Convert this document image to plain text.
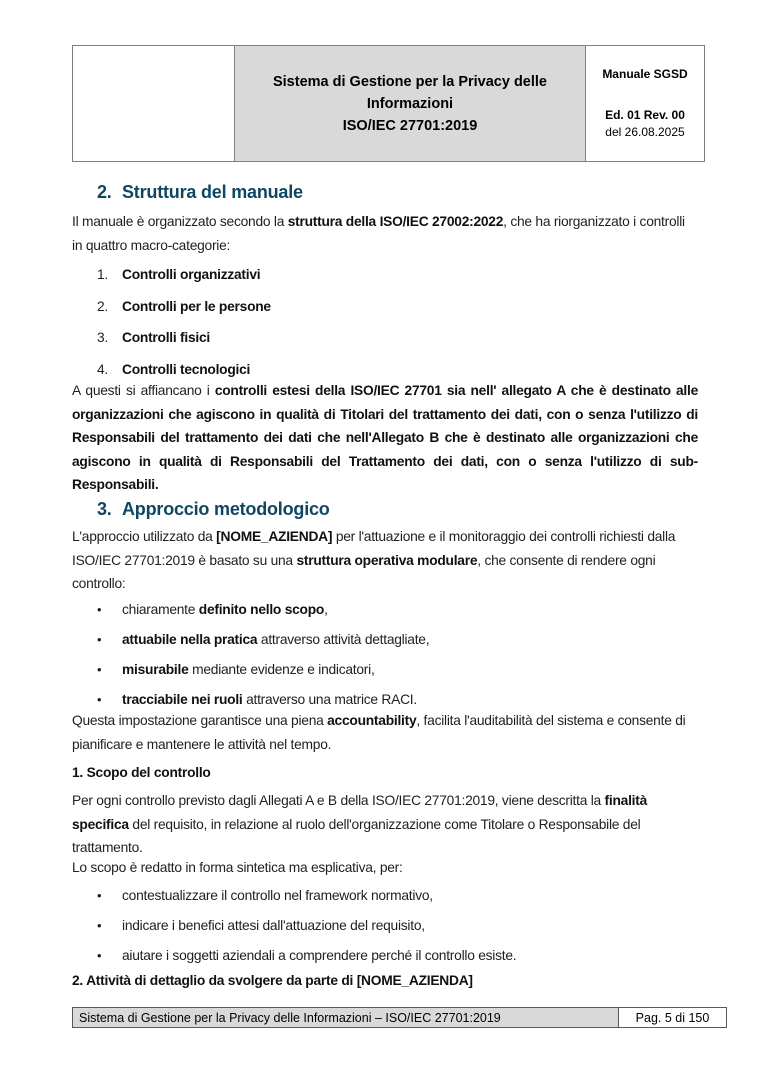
Sistema di Gestione per la Privacy delle Informazioni
ISO/IEC 27701:2019
Manuale SGSD
Ed. 01 Rev. 00
del 26.08.2025
2. Struttura del manuale

Il manuale è organizzato secondo la struttura della ISO/IEC 27002:2022, che ha riorganizzato i controlli in quattro macro-categorie:

1.	Controlli organizzativi
2.	Controlli per le persone
3.	Controlli fisici
4.	Controlli tecnologici

A questi si affiancano i controlli estesi della ISO/IEC 27701 sia nell' allegato A che è destinato alle organizzazioni che agiscono in qualità di Titolari del trattamento dei dati, con o senza l'utilizzo di Responsabili del trattamento dei dati che nell'Allegato B che è destinato alle organizzazioni che agiscono in qualità di Responsabili del Trattamento dei dati, con o senza l'utilizzo di sub-Responsabili.

3. Approccio metodologico

L'approccio utilizzato da [NOME_AZIENDA] per l'attuazione e il monitoraggio dei controlli richiesti dalla ISO/IEC 27701:2019 è basato su una struttura operativa modulare, che consente di rendere ogni controllo:

•	chiaramente definito nello scopo,
•	attuabile nella pratica attraverso attività dettagliate,
•	misurabile mediante evidenze e indicatori,
•	tracciabile nei ruoli attraverso una matrice RACI.

Questa impostazione garantisce una piena accountability, facilita l'auditabilità del sistema e consente di pianificare e mantenere le attività nel tempo.

1. Scopo del controllo

Per ogni controllo previsto dagli Allegati A e B della ISO/IEC 27701:2019, viene descritta la finalità specifica del requisito, in relazione al ruolo dell'organizzazione come Titolare o Responsabile del trattamento.

Lo scopo è redatto in forma sintetica ma esplicativa, per:

•	contestualizzare il controllo nel framework normativo,
•	indicare i benefici attesi dall'attuazione del requisito,
•	aiutare i soggetti aziendali a comprendere perché il controllo esiste.

2. Attività di dettaglio da svolgere da parte di [NOME_AZIENDA]

Sistema di Gestione per la Privacy delle Informazioni – ISO/IEC 27701:2019	Pag. 5 di 150
